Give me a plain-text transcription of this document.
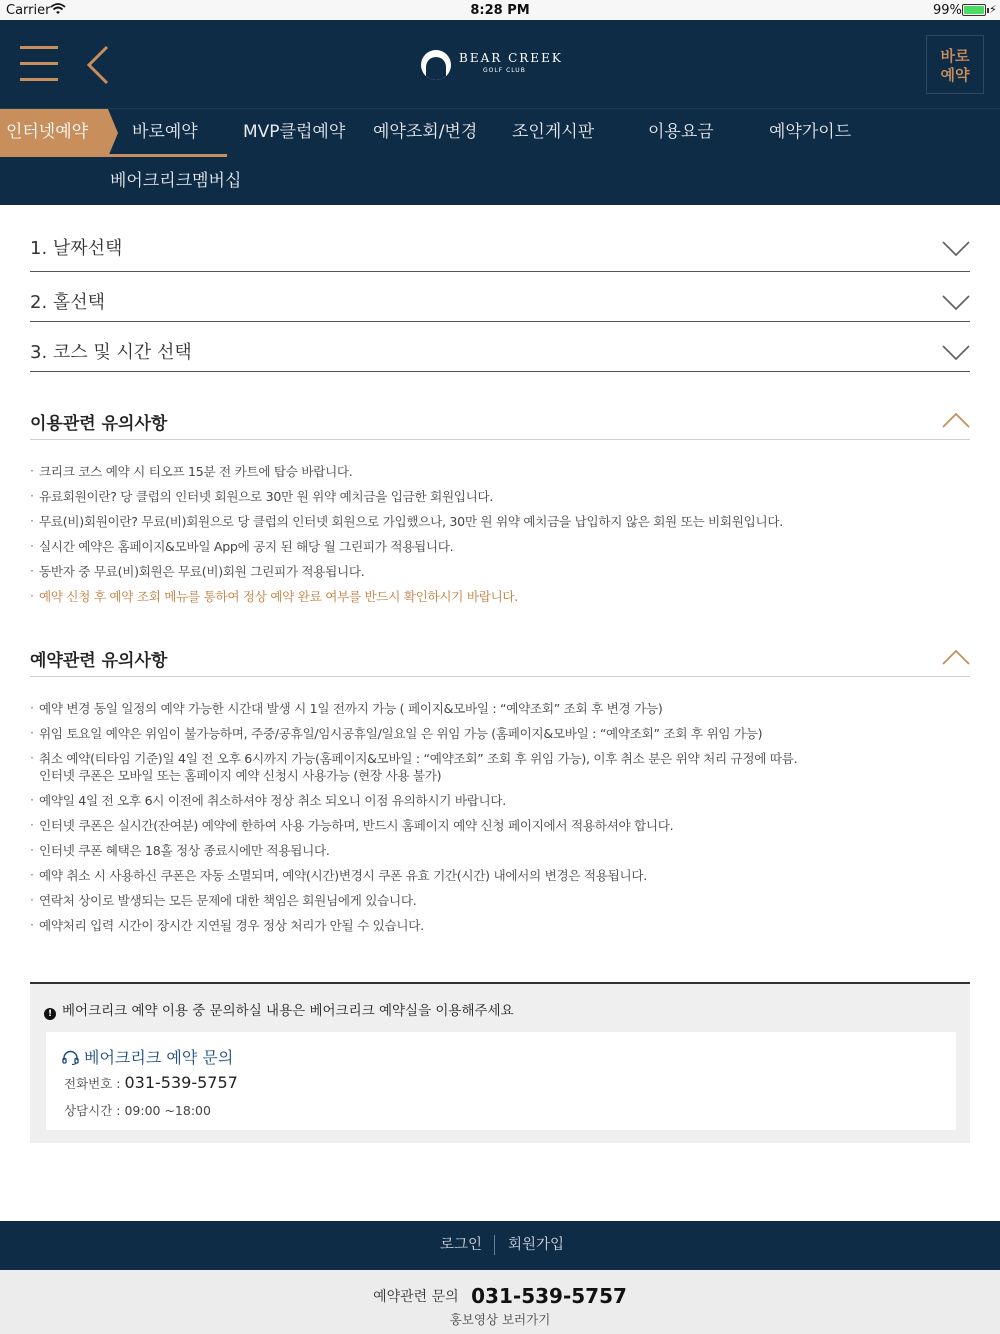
Carrier	8:28 PM	99% ⚡
BEAR CREEK
GOLF CLUB
바로
예약
인터넷예약	바로예약	MVP클럽예약 예약조회/변경 조인게시판	이용요금	예약가이드
베어크리크멤버십
1. 날짜선택
2. 홀선택
3. 코스 및 시간 선택
이용관련 유의사항
· 크리크 코스 예약 시 티오프 15분 전 카트에 탑승 바랍니다.
· 유료회원이란? 당 클럽의 인터넷 회원으로 30만 원 위약 예치금을 입금한 회원입니다.
· 무료(비)회원이란? 무료(비)회원으로 당 클럽의 인터넷 회원으로 가입했으나, 30만 원 위약 예치금을 납입하지 않은 회원 또는 비회원입니다.
· 실시간 예약은 홈페이지&모바일 App에 공지 된 해당 월 그린피가 적용됩니다.
· 동반자 중 무료(비)회원은 무료(비)회원 그린피가 적용됩니다.
· 예약 신청 후 예약 조회 메뉴를 통하여 정상 예약 완료 여부를 반드시 확인하시기 바랍니다.
예약관련 유의사항
· 예약 변경 동일 일정의 예약 가능한 시간대 발생 시 1일 전까지 가능 ( 페이지&모바일 : “예약조회” 조회 후 변경 가능)
· 위임 토요일 예약은 위임이 불가능하며, 주중/공휴일/임시공휴일/일요일 은 위임 가능 (홈페이지&모바일 : “예약조회” 조회 후 위임 가능)
· 취소 예약(티타임 기준)일 4일 전 오후 6시까지 가능(홈페이지&모바일 : “예약조회” 조회 후 위임 가능), 이후 취소 분은 위약 처리 규정에 따름.
인터넷 쿠폰은 모바일 또는 홈페이지 예약 신청시 사용가능 (현장 사용 불가)
· 예약일 4일 전 오후 6시 이전에 취소하셔야 정상 취소 되오니 이점 유의하시기 바랍니다.
· 인터넷 쿠폰은 실시간(잔여분) 예약에 한하여 사용 가능하며, 반드시 홈페이지 예약 신청 페이지에서 적용하셔야 합니다.
· 인터넷 쿠폰 혜택은 18홀 정상 종료시에만 적용됩니다.
· 예약 취소 시 사용하신 쿠폰은 자동 소멸되며, 예약(시간)변경시 쿠폰 유효 기간(시간) 내에서의 변경은 적용됩니다.
· 연락처 상이로 발생되는 모든 문제에 대한 책임은 회원님에게 있습니다.
· 예약처리 입력 시간이 장시간 지연될 경우 정상 처리가 안될 수 있습니다.
! 베어크리크 예약 이용 중 문의하실 내용은 베어크리크 예약실을 이용해주세요
베어크리크 예약 문의
전화번호 : 031-539-5757
상담시간 : 09:00 ~18:00
로그인 회원가입
예약관련 문의 031-539-5757
홍보영상 보러가기
